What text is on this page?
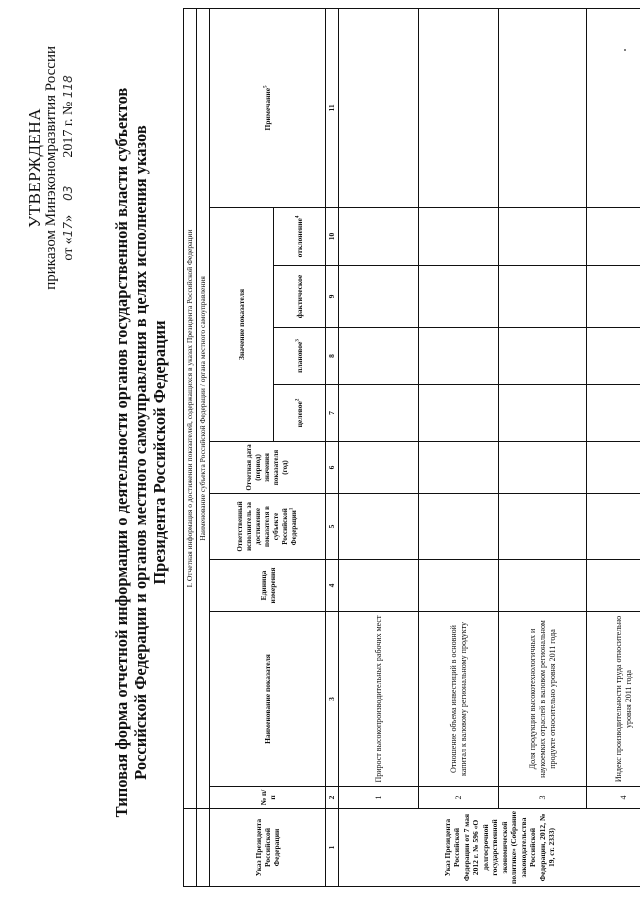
УТВЕРЖДЕНА приказом Минэкономразвития России от «17»    03        2017 г. № 118
Типовая форма отчетной информации о деятельности органов государственной власти субъектов Российской Федерации и органов местного самоуправления в целях исполнения указов Президента Российской Федерации
	I. Отчетная информация о достижении показателей, содержащихся в указах Президента Российской Федерации									
	Наименование субъекта Российской Федерации / органа местного самоуправления									
Указ Президента Российской Федерации	№ п/п	Наименование показателя	Единица измерения	Ответственный исполнитель за достижение показателя в субъекте Российской Федерации$^1$	Отчетная дата (период) значения показателя (год)	Значение показателя				Примечание$^5$
						целевое$^2$	плановое$^3$	фактическое	отклонение$^4$
1	2	3	4	5	6	7	8	9	10	11
Указ Президента Российской Федерации от 7 мая 2012 г. № 596 «О долгосрочной государственной экономической политике» (Собрание законодательства Российской Федерации, 2012, № 19, ст. 2333)	1	Прирост высокопроизводительных рабочих мест								
	2	Отношение объема инвестиций в основной капитал к валовому региональному продукту								
	3	Доля продукции высокотехнологичных и наукоемких отраслей в валовом региональном продукте относительно уровня 2011 года								
	4	Индекс производительности труда относительно уровня 2011 года								
